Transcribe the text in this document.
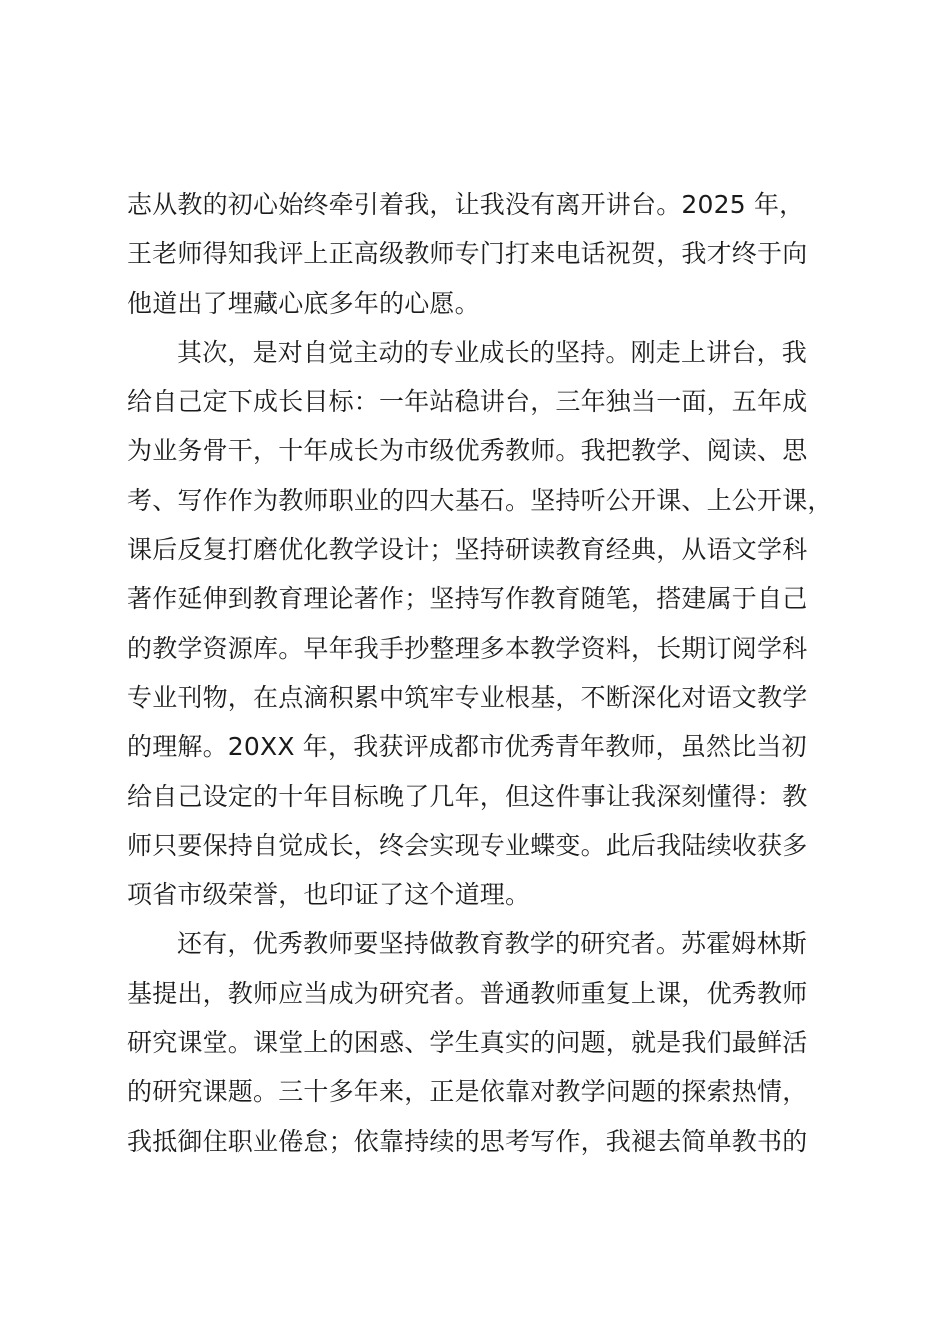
志从教的初心始终牵引着我，让我没有离开讲台。2025 年，
王老师得知我评上正高级教师专门打来电话祝贺，我才终于向
他道出了埋藏心底多年的心愿。
其次，是对自觉主动的专业成长的坚持。刚走上讲台，我
给自己定下成长目标：一年站稳讲台，三年独当一面，五年成
为业务骨干，十年成长为市级优秀教师。我把教学、阅读、思
考、写作作为教师职业的四大基石。坚持听公开课、上公开课，
课后反复打磨优化教学设计；坚持研读教育经典，从语文学科
著作延伸到教育理论著作；坚持写作教育随笔，搭建属于自己
的教学资源库。早年我手抄整理多本教学资料，长期订阅学科
专业刊物，在点滴积累中筑牢专业根基，不断深化对语文教学
的理解。20XX 年，我获评成都市优秀青年教师，虽然比当初
给自己设定的十年目标晚了几年，但这件事让我深刻懂得：教
师只要保持自觉成长，终会实现专业蝶变。此后我陆续收获多
项省市级荣誉，也印证了这个道理。
还有，优秀教师要坚持做教育教学的研究者。苏霍姆林斯
基提出，教师应当成为研究者。普通教师重复上课，优秀教师
研究课堂。课堂上的困惑、学生真实的问题，就是我们最鲜活
的研究课题。三十多年来，正是依靠对教学问题的探索热情，
我抵御住职业倦怠；依靠持续的思考写作，我褪去简单教书的
